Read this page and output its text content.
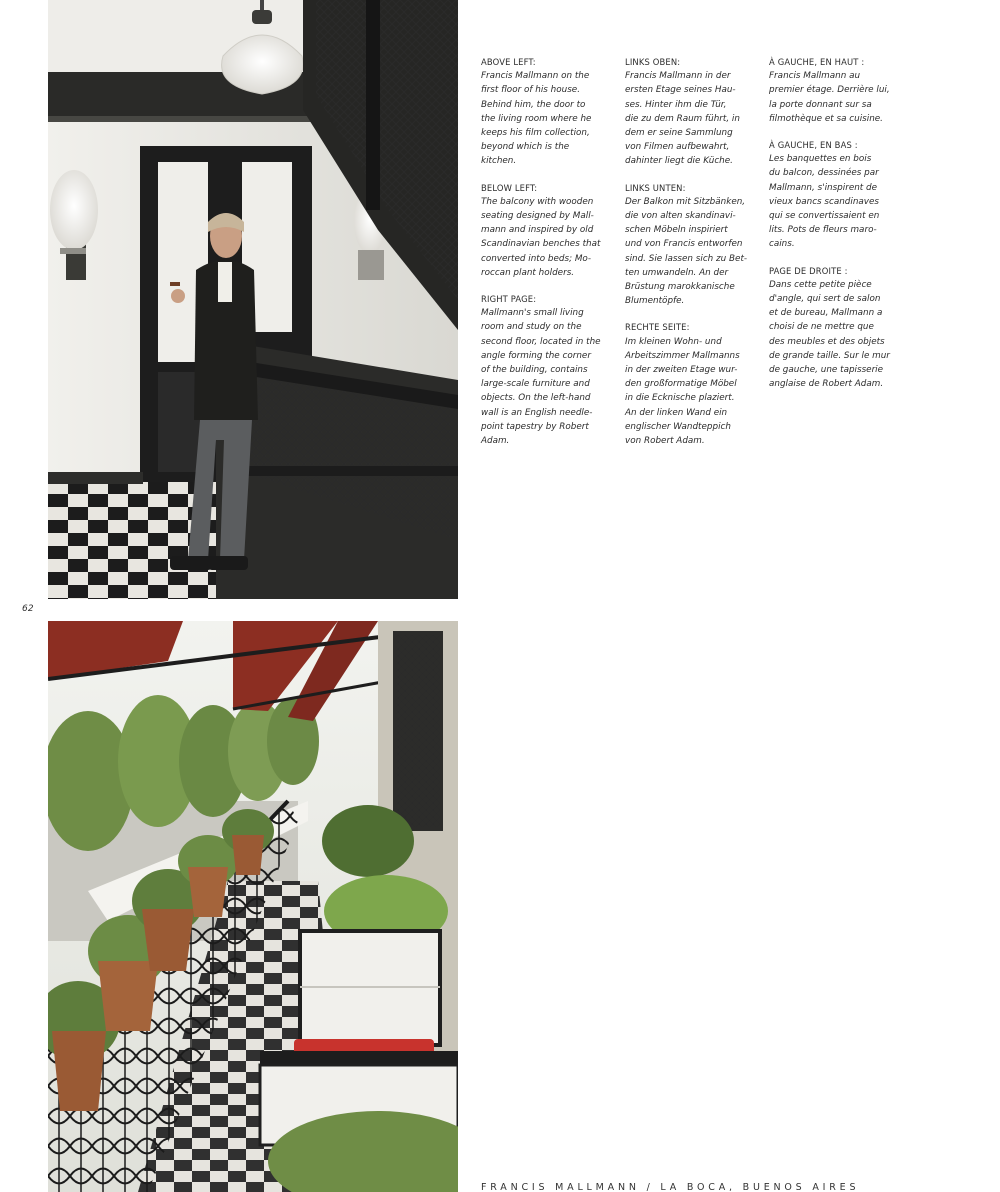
62
ABOVE LEFT:
Francis Mallmann on the
first floor of his house.
Behind him, the door to
the living room where he
keeps his film collection,
beyond which is the
kitchen.
BELOW LEFT:
The balcony with wooden
seating designed by Mall-
mann and inspired by old
Scandinavian benches that
converted into beds; Mo-
roccan plant holders.
RIGHT PAGE:
Mallmann's small living
room and study on the
second floor, located in the
angle forming the corner
of the building, contains
large-scale furniture and
objects. On the left-hand
wall is an English needle-
point tapestry by Robert
Adam.
LINKS OBEN:
Francis Mallmann in der
ersten Etage seines Hau-
ses. Hinter ihm die Tür,
die zu dem Raum führt, in
dem er seine Sammlung
von Filmen aufbewahrt,
dahinter liegt die Küche.
LINKS UNTEN:
Der Balkon mit Sitzbänken,
die von alten skandinavi-
schen Möbeln inspiriert
und von Francis entworfen
sind. Sie lassen sich zu Bet-
ten umwandeln. An der
Brüstung marokkanische
Blumentöpfe.
RECHTE SEITE:
Im kleinen Wohn- und
Arbeitszimmer Mallmanns
in der zweiten Etage wur-
den großformatige Möbel
in die Ecknische plaziert.
An der linken Wand ein
englischer Wandteppich
von Robert Adam.
À GAUCHE, EN HAUT :
Francis Mallmann au
premier étage. Derrière lui,
la porte donnant sur sa
filmothèque et sa cuisine.
À GAUCHE, EN BAS :
Les banquettes en bois
du balcon, dessinées par
Mallmann, s'inspirent de
vieux bancs scandinaves
qui se convertissaient en
lits. Pots de fleurs maro-
cains.
PAGE DE DROITE :
Dans cette petite pièce
d'angle, qui sert de salon
et de bureau, Mallmann a
choisi de ne mettre que
des meubles et des objets
de grande taille. Sur le mur
de gauche, une tapisserie
anglaise de Robert Adam.
FRANCIS MALLMANN / LA BOCA, BUENOS AIRES
